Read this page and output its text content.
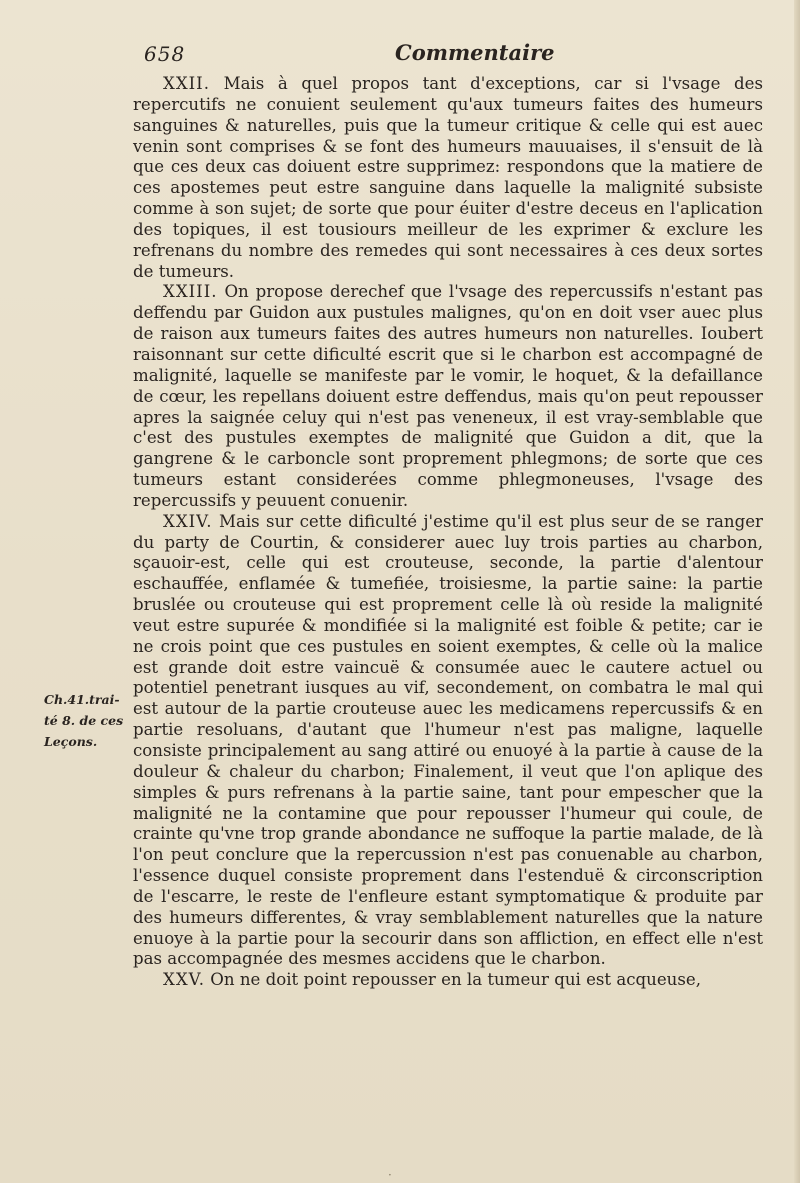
658	Commentaire
Ch.41.trai-
té 8. de ces
Leçons.

XXII. Mais à quel propos tant d'exceptions, car si l'vsage des repercutifs ne conuient seulement qu'aux tumeurs faites des humeurs sanguines & naturelles, puis que la tumeur critique & celle qui est auec venin sont comprises & se font des humeurs mauuaises, il s'ensuit de là que ces deux cas doiuent estre supprimez: respondons que la matiere de ces apostemes peut estre sanguine dans laquelle la malignité subsiste comme à son sujet; de sorte que pour éuiter d'estre deceus en l'aplication des topiques, il est tousiours meilleur de les exprimer & exclure les refrenans du nombre des remedes qui sont necessaires à ces deux sortes de tumeurs.

XXIII. On propose derechef que l'vsage des repercussifs n'estant pas deffendu par Guidon aux pustules malignes, qu'on en doit vser auec plus de raison aux tumeurs faites des autres humeurs non naturelles. Ioubert raisonnant sur cette dificulté escrit que si le charbon est accompagné de malignité, laquelle se manifeste par le vomir, le hoquet, & la defaillance de cœur, les repellans doiuent estre deffendus, mais qu'on peut repousser apres la saignée celuy qui n'est pas veneneux, il est vray-semblable que c'est des pustules exemptes de malignité que Guidon a dit, que la gangrene & le carboncle sont proprement phlegmons; de sorte que ces tumeurs estant considerées comme phlegmoneuses, l'vsage des repercussifs y peuuent conuenir.

XXIV. Mais sur cette dificulté j'estime qu'il est plus seur de se ranger du party de Courtin, & considerer auec luy trois parties au charbon, sçauoir-est, celle qui est crouteuse, seconde, la partie d'alentour eschauffée, enflamée & tumefiée, troisiesme, la partie saine: la partie bruslée ou crouteuse qui est proprement celle là où reside la malignité veut estre supurée & mondifiée si la malignité est foible & petite; car ie ne crois point que ces pustules en soient exemptes, & celle où la malice est grande doit estre vaincuë & consumée auec le cautere actuel ou potentiel penetrant iusques au vif, secondement, on combatra le mal qui est autour de la partie crouteuse auec les medicamens repercussifs & en partie resoluans, d'autant que l'humeur n'est pas maligne, laquelle consiste principalement au sang attiré ou enuoyé à la partie à cause de la douleur & chaleur du charbon; Finalement, il veut que l'on aplique des simples & purs refrenans à la partie saine, tant pour empescher que la malignité ne la contamine que pour repousser l'humeur qui coule, de crainte qu'vne trop grande abondance ne suffoque la partie malade, de là l'on peut conclure que la repercussion n'est pas conuenable au charbon, l'essence duquel consiste proprement dans l'estenduë & circonscription de l'escarre, le reste de l'enfleure estant symptomatique & produite par des humeurs differentes, & vray semblablement naturelles que la nature enuoye à la partie pour la secourir dans son affliction, en effect elle n'est pas accompagnée des mesmes accidens que le charbon.

XXV. On ne doit point repousser en la tumeur qui est acqueuse,

·
